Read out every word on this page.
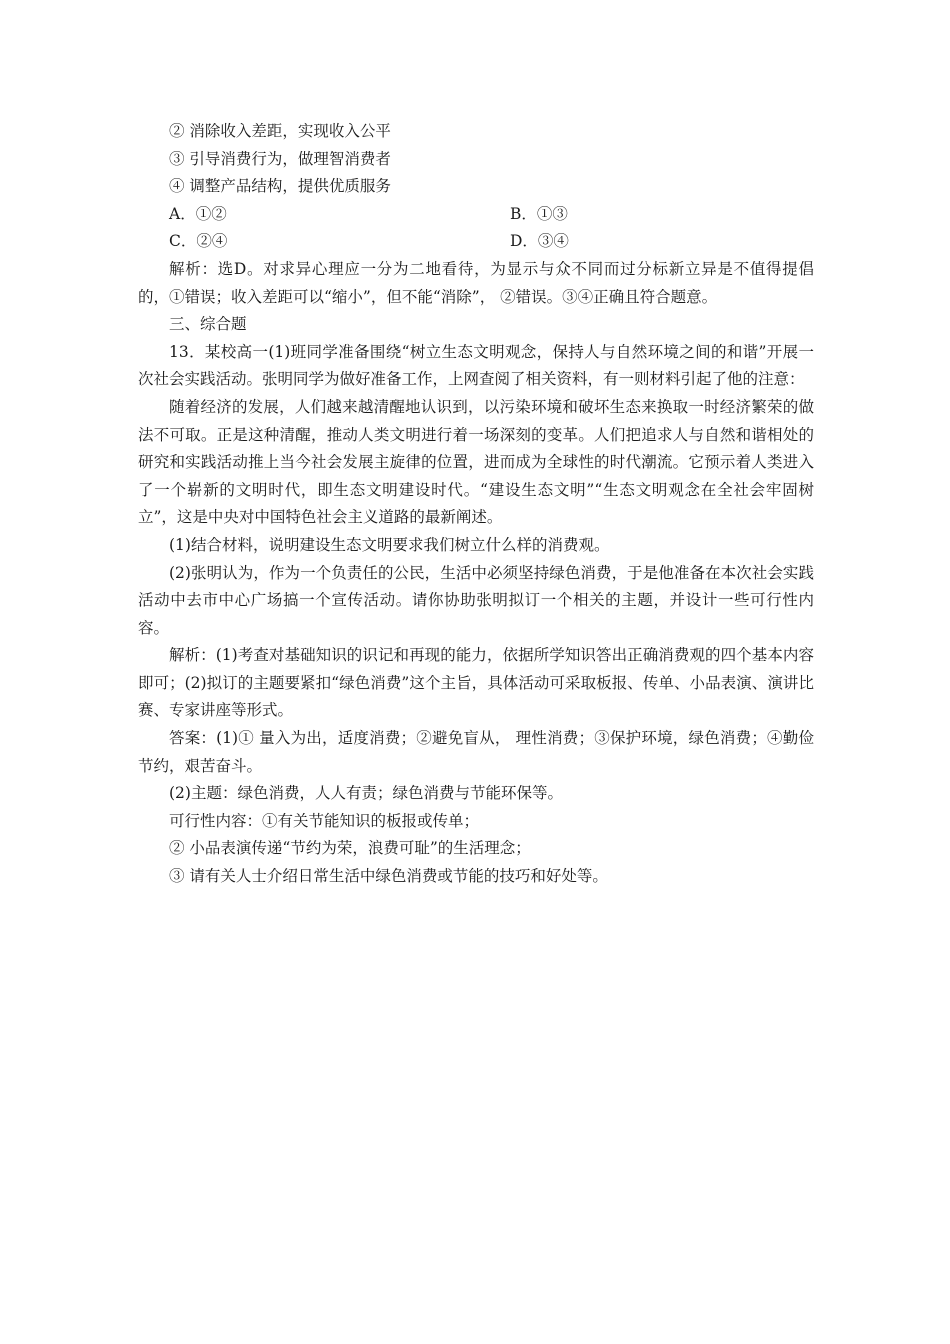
② 消除收入差距，实现收入公平
③ 引导消费行为，做理智消费者
④ 调整产品结构，提供优质服务
A．①②	B．①③
C．②④	D．③④

解析：选D。对求异心理应一分为二地看待，为显示与众不同而过分标新立异是不值得提倡的，①错误；收入差距可以“缩小”，但不能“消除”， ②错误。③④正确且符合题意。

三、综合题

13．某校高一(1)班同学准备围绕“树立生态文明观念，保持人与自然环境之间的和谐”开展一次社会实践活动。张明同学为做好准备工作，上网查阅了相关资料，有一则材料引起了他的注意：

随着经济的发展，人们越来越清醒地认识到，以污染环境和破坏生态来换取一时经济繁荣的做法不可取。正是这种清醒，推动人类文明进行着一场深刻的变革。人们把追求人与自然和谐相处的研究和实践活动推上当今社会发展主旋律的位置，进而成为全球性的时代潮流。它预示着人类进入了一个崭新的文明时代，即生态文明建设时代。“建设生态文明”“生态文明观念在全社会牢固树立”，这是中央对中国特色社会主义道路的最新阐述。

(1)结合材料，说明建设生态文明要求我们树立什么样的消费观。

(2)张明认为，作为一个负责任的公民，生活中必须坚持绿色消费，于是他准备在本次社会实践活动中去市中心广场搞一个宣传活动。请你协助张明拟订一个相关的主题，并设计一些可行性内容。

解析：(1)考查对基础知识的识记和再现的能力，依据所学知识答出正确消费观的四个基本内容即可；(2)拟订的主题要紧扣“绿色消费”这个主旨，具体活动可采取板报、传单、小品表演、演讲比赛、专家讲座等形式。

答案：(1)① 量入为出，适度消费；②避免盲从， 理性消费；③保护环境，绿色消费；④勤俭节约，艰苦奋斗。

(2)主题：绿色消费，人人有责；绿色消费与节能环保等。
可行性内容：①有关节能知识的板报或传单；
② 小品表演传递“节约为荣，浪费可耻”的生活理念；
③ 请有关人士介绍日常生活中绿色消费或节能的技巧和好处等。
